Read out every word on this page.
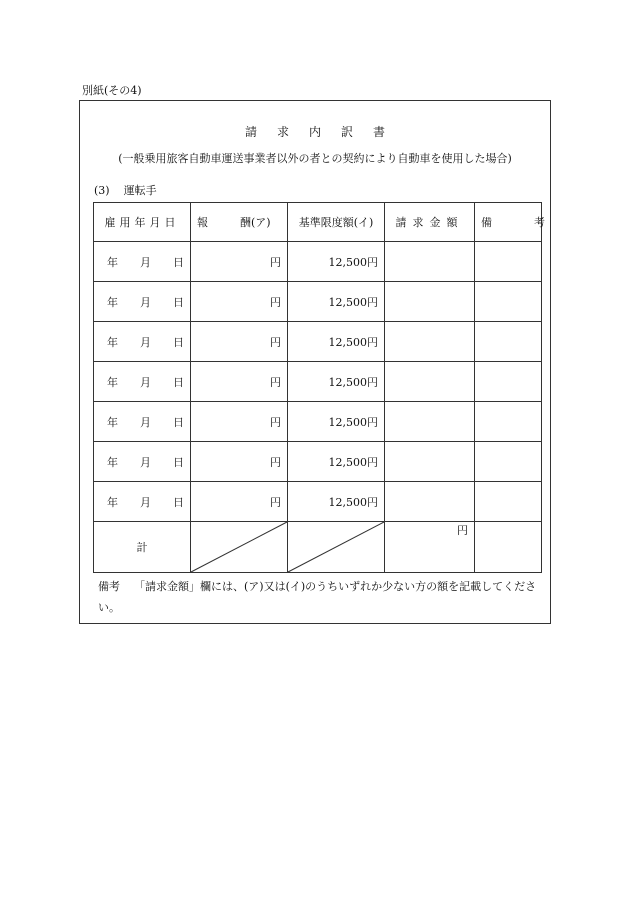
別紙(その4)
請求内訳書
(一般乗用旅客自動車運送事業者以外の者との契約により自動車を使用した場合)
(3) 運転手
雇用年月日	報 酬(ア)	基準限度額(イ)	請求金額	備 考
年 月 日	円	12,500円		
年 月 日	円	12,500円		
年 月 日	円	12,500円		
年 月 日	円	12,500円		
年 月 日	円	12,500円		
年 月 日	円	12,500円		
年 月 日	円	12,500円		
計			円	
備考 「請求金額」欄には、(ア)又は(イ)のうちいずれか少ない方の額を記載してください。
